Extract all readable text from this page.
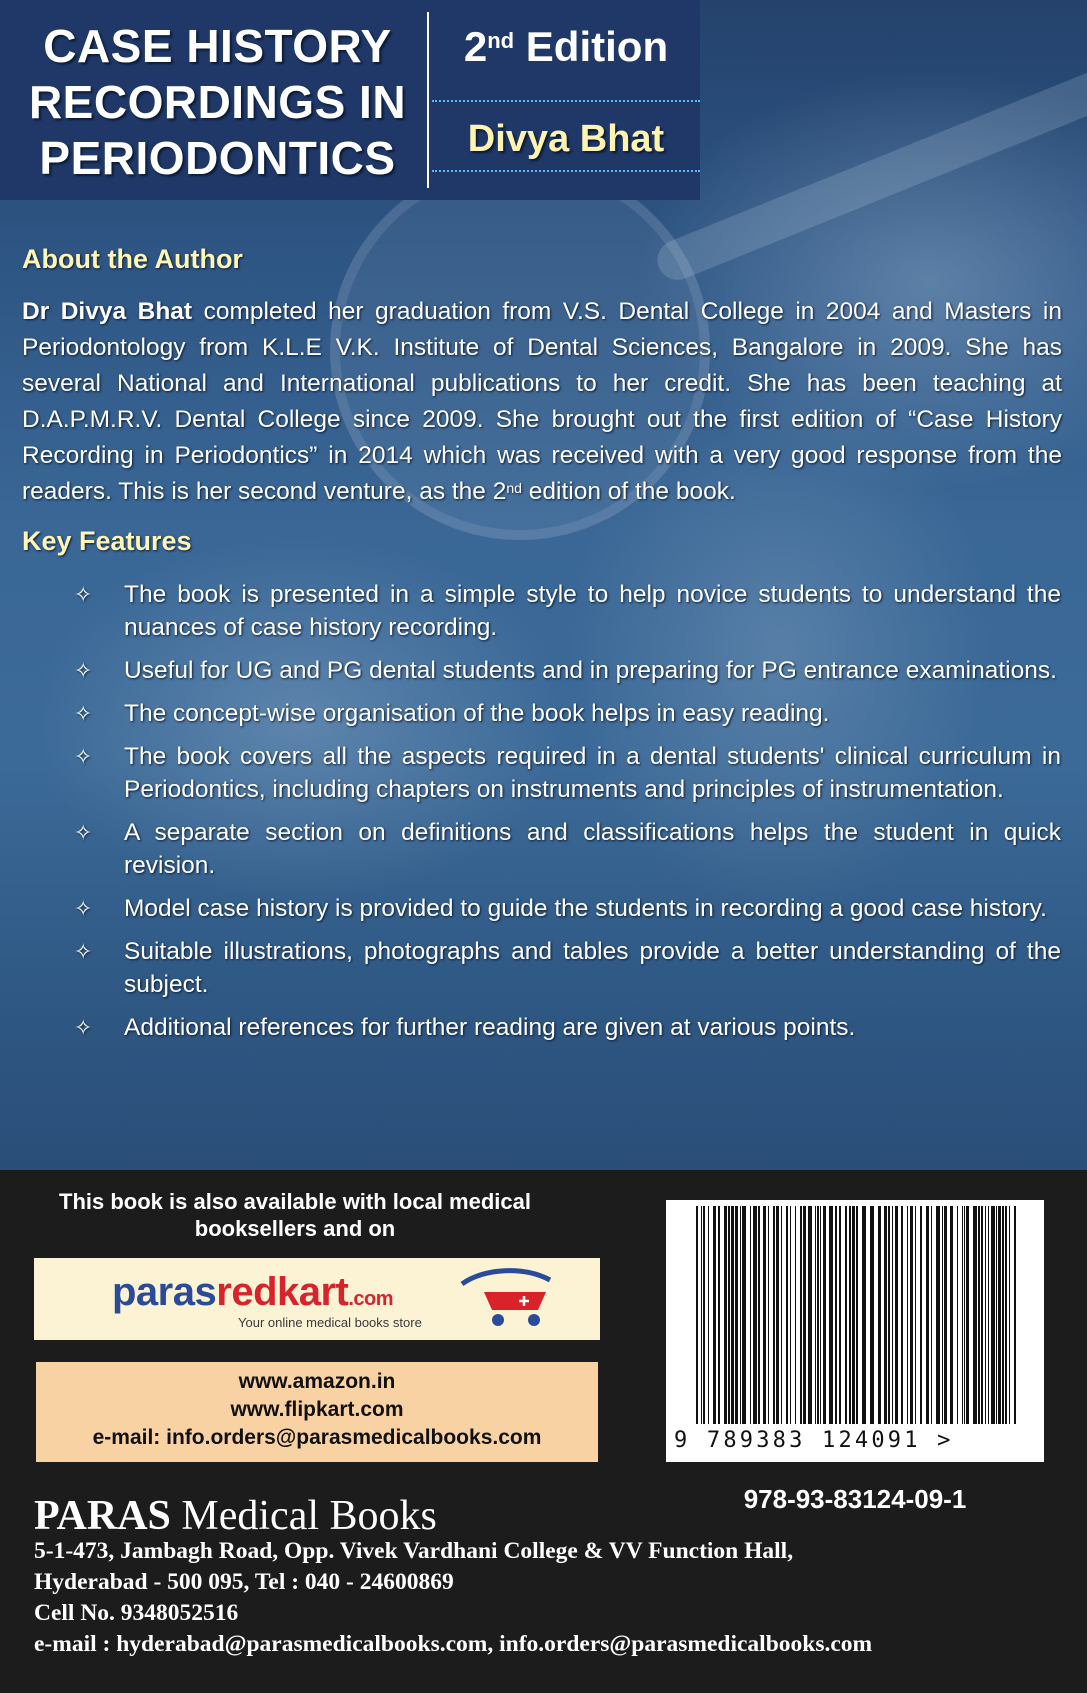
CASE HISTORY
RECORDINGS IN
PERIODONTICS
2nd Edition
Divya Bhat
About the Author
Dr Divya Bhat completed her graduation from V.S. Dental College in 2004 and Masters in Periodontology from K.L.E V.K. Institute of Dental Sciences, Bangalore in 2009. She has several National and International publications to her credit. She has been teaching at D.A.P.M.R.V. Dental College since 2009. She brought out the first edition of “Case History Recording in Periodontics” in 2014 which was received with a very good response from the readers. This is her second venture, as the 2nd edition of the book.
Key Features
✧ The book is presented in a simple style to help novice students to understand the nuances of case history recording.
✧ Useful for UG and PG dental students and in preparing for PG entrance examinations.
✧ The concept-wise organisation of the book helps in easy reading.
✧ The book covers all the aspects required in a dental students' clinical curriculum in Periodontics, including chapters on instruments and principles of instrumentation.
✧ A separate section on definitions and classifications helps the student in quick revision.
✧ Model case history is provided to guide the students in recording a good case history.
✧ Suitable illustrations, photographs and tables provide a better understanding of the subject.
✧ Additional references for further reading are given at various points.
This book is also available with local medical
booksellers and on
parasredkart.com
Your online medical books store
www.amazon.in
www.flipkart.com
e-mail: info.orders@parasmedicalbooks.com	9 789383 124091 >
978-93-83124-09-1
PARAS Medical Books
5-1-473, Jambagh Road, Opp. Vivek Vardhani College & VV Function Hall,
Hyderabad - 500 095, Tel : 040 - 24600869
Cell No. 9348052516
e-mail : hyderabad@parasmedicalbooks.com, info.orders@parasmedicalbooks.com
